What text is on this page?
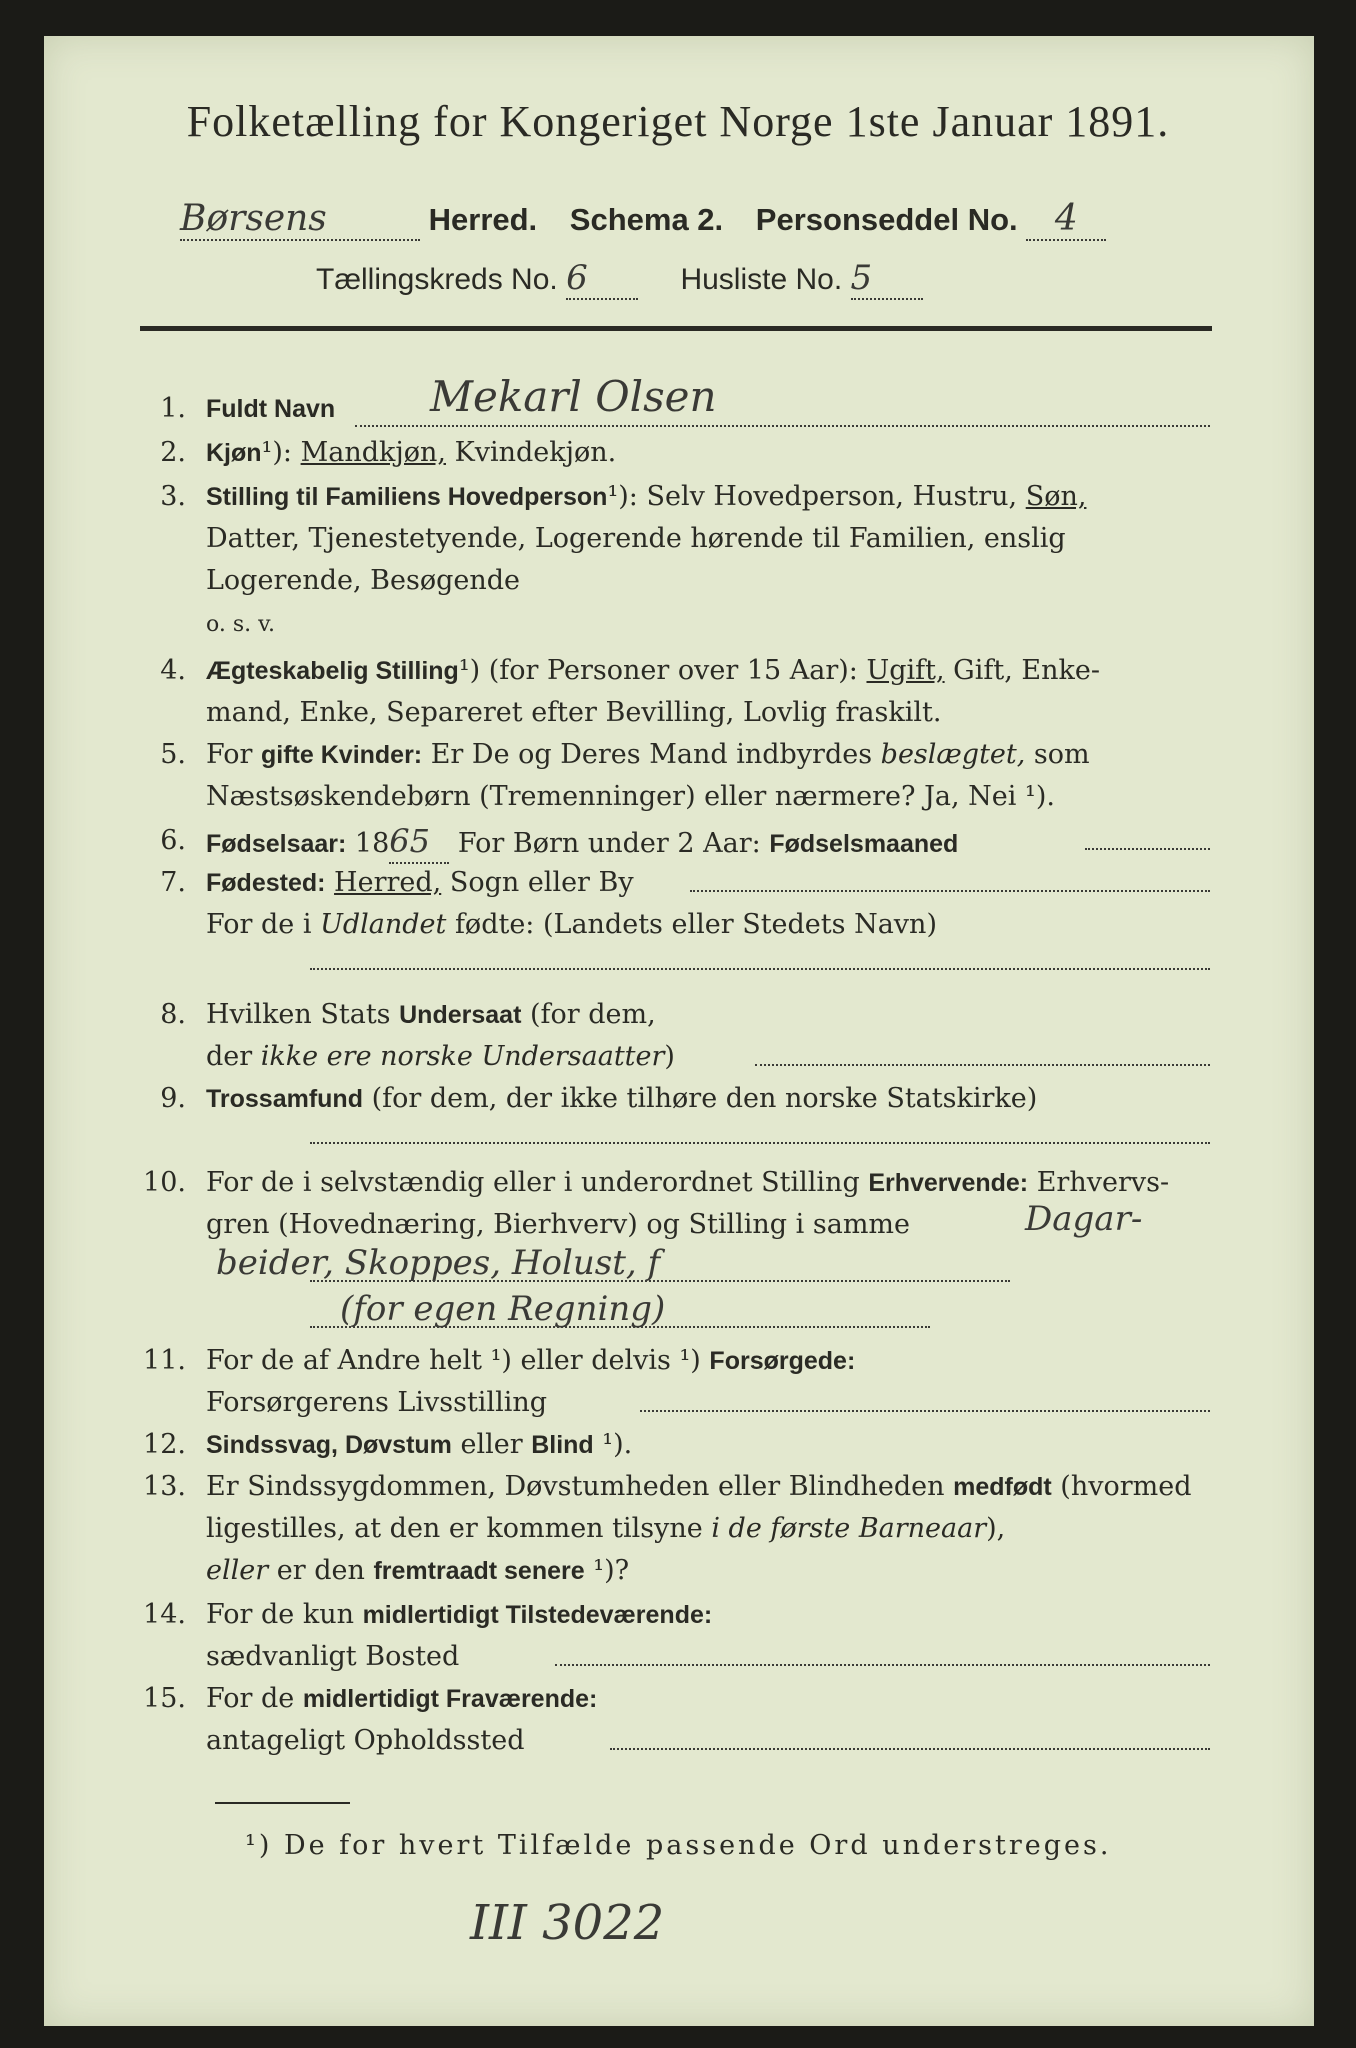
Folketælling for Kongeriget Norge 1ste Januar 1891.
Børsens	Herred. Schema 2. Personseddel No. 4
Tællingskreds No. 6	Husliste No. 5
1. Fuldt Navn Mekarl Olsen
2. Kjøn¹): Mandkjøn, Kvindekjøn.
3. Stilling til Familiens Hovedperson¹): Selv Hovedperson, Hustru, Søn,
Datter, Tjenestetyende, Logerende hørende til Familien, enslig
Logerende, Besøgende
o. s. v.
4. Ægteskabelig Stilling¹) (for Personer over 15 Aar): Ugift, Gift, Enke-
mand, Enke, Separeret efter Bevilling, Lovlig fraskilt.
5. For gifte Kvinder: Er De og Deres Mand indbyrdes beslægtet, som
Næstsøskendebørn (Tremenninger) eller nærmere? Ja, Nei ¹).
6. Fødselsaar: 1865 For Børn under 2 Aar: Fødselsmaaned
7. Fødested: Herred, Sogn eller By
For de i Udlandet fødte: (Landets eller Stedets Navn)
8. Hvilken Stats Undersaat (for dem,
der ikke ere norske Undersaatter)
9. Trossamfund (for dem, der ikke tilhøre den norske Statskirke)
10. For de i selvstændig eller i underordnet Stilling Erhvervende: Erhvervs-
gren (Hovednæring, Bierhverv) og Stilling i samme	Dagar-
beider, Skoppes, Holust, f
(for egen Regning)
11. For de af Andre helt ¹) eller delvis ¹) Forsørgede:
Forsørgerens Livsstilling
12. Sindssvag, Døvstum eller Blind ¹).
13. Er Sindssygdommen, Døvstumheden eller Blindheden medfødt (hvormed
ligestilles, at den er kommen tilsyne i de første Barneaar),
eller er den fremtraadt senere ¹)?
14. For de kun midlertidigt Tilstedeværende:
sædvanligt Bosted
15. For de midlertidigt Fraværende:
antageligt Opholdssted
¹) De for hvert Tilfælde passende Ord understreges.
III 3022
